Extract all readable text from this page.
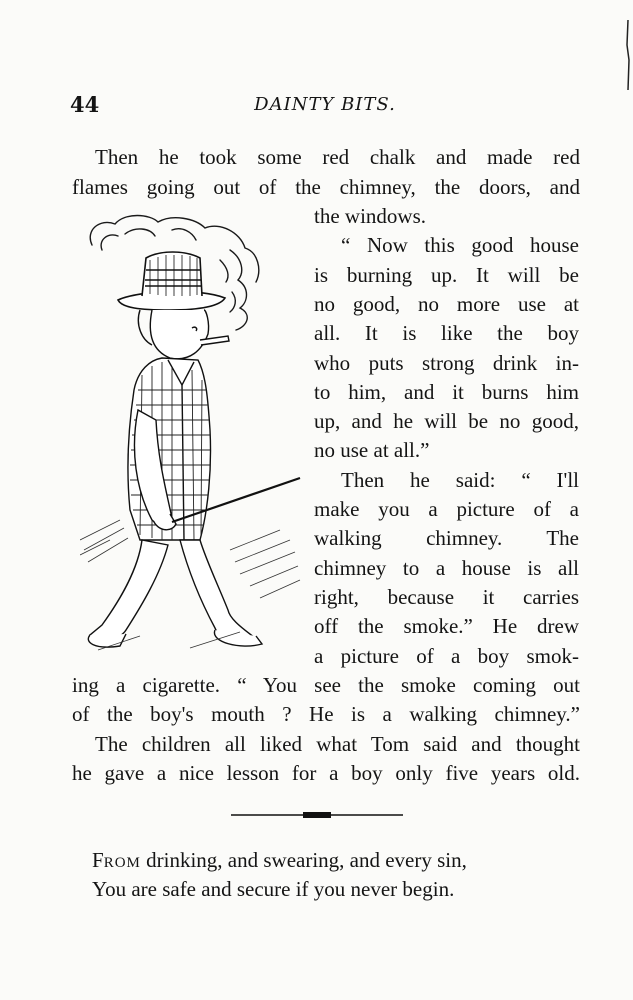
44	DAINTY BITS.
Then he took some red chalk and made red
flames going out of the chimney, the doors, and
the windows.
“ Now this good house
is burning up. It will be
no good, no more use at
all. It is like the boy
who puts strong drink in-
to him, and it burns him
up, and he will be no good,
no use at all.”
Then he said: “ I'll
make you a picture of a
walking chimney. The
chimney to a house is all
right, because it carries
off the smoke.” He drew
a picture of a boy smok-
ing a cigarette. “ You see the smoke coming out
of the boy's mouth ? He is a walking chimney.”
The children all liked what Tom said and thought
he gave a nice lesson for a boy only five years old.
FROM drinking, and swearing, and every sin,
You are safe and secure if you never begin.
